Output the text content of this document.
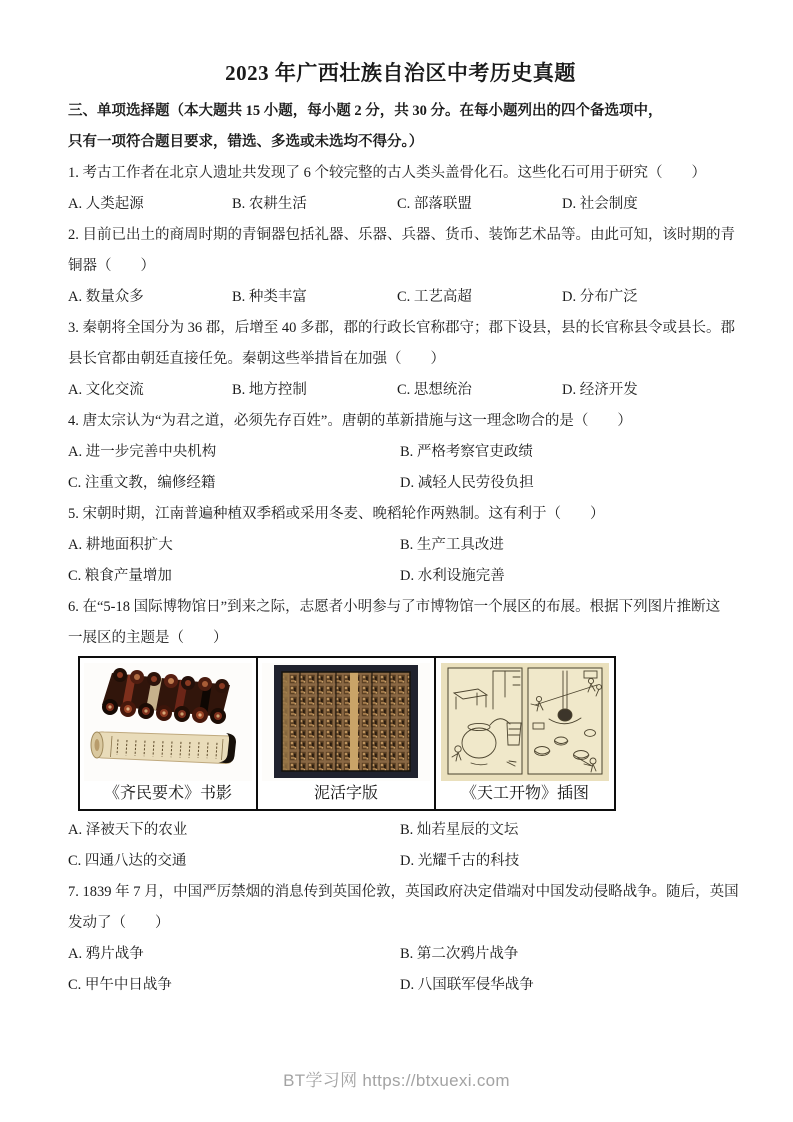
2023 年广西壮族自治区中考历史真题

三、单项选择题（本大题共 15 小题，每小题 2 分，共 30 分。在每小题列出的四个备选项中，

只有一项符合题目要求，错选、多选或未选均不得分。）

1. 考古工作者在北京人遗址共发现了 6 个较完整的古人类头盖骨化石。这些化石可用于研究（　　）

A. 人类起源	B. 农耕生活	C. 部落联盟	D. 社会制度

2. 目前已出土的商周时期的青铜器包括礼器、乐器、兵器、货币、装饰艺术品等。由此可知，该时期的青

铜器（　　）

A. 数量众多	B. 种类丰富	C. 工艺高超	D. 分布广泛

3. 秦朝将全国分为 36 郡，后增至 40 多郡，郡的行政长官称郡守；郡下设县，县的长官称县令或县长。郡

县长官都由朝廷直接任免。秦朝这些举措旨在加强（　　）

A. 文化交流	B. 地方控制	C. 思想统治	D. 经济开发

4. 唐太宗认为“为君之道，必须先存百姓”。唐朝的革新措施与这一理念吻合的是（　　）

A. 进一步完善中央机构	B. 严格考察官吏政绩
C. 注重文教，编修经籍	D. 减轻人民劳役负担

5. 宋朝时期，江南普遍种植双季稻或采用冬麦、晚稻轮作两熟制。这有利于（　　）

A. 耕地面积扩大	B. 生产工具改进
C. 粮食产量增加	D. 水利设施完善

6. 在“5-18 国际博物馆日”到来之际，志愿者小明参与了市博物馆一个展区的布展。根据下列图片推断这

一展区的主题是（　　）

《齐民要术》书影	泥活字版	《天工开物》插图
A. 泽被天下的农业	B. 灿若星辰的文坛
C. 四通八达的交通	D. 光耀千古的科技

7. 1839 年 7 月，中国严厉禁烟的消息传到英国伦敦，英国政府决定借端对中国发动侵略战争。随后，英国

发动了（　　）

A. 鸦片战争	B. 第二次鸦片战争
C. 甲午中日战争	D. 八国联军侵华战争
BT学习网 https://btxuexi.com
